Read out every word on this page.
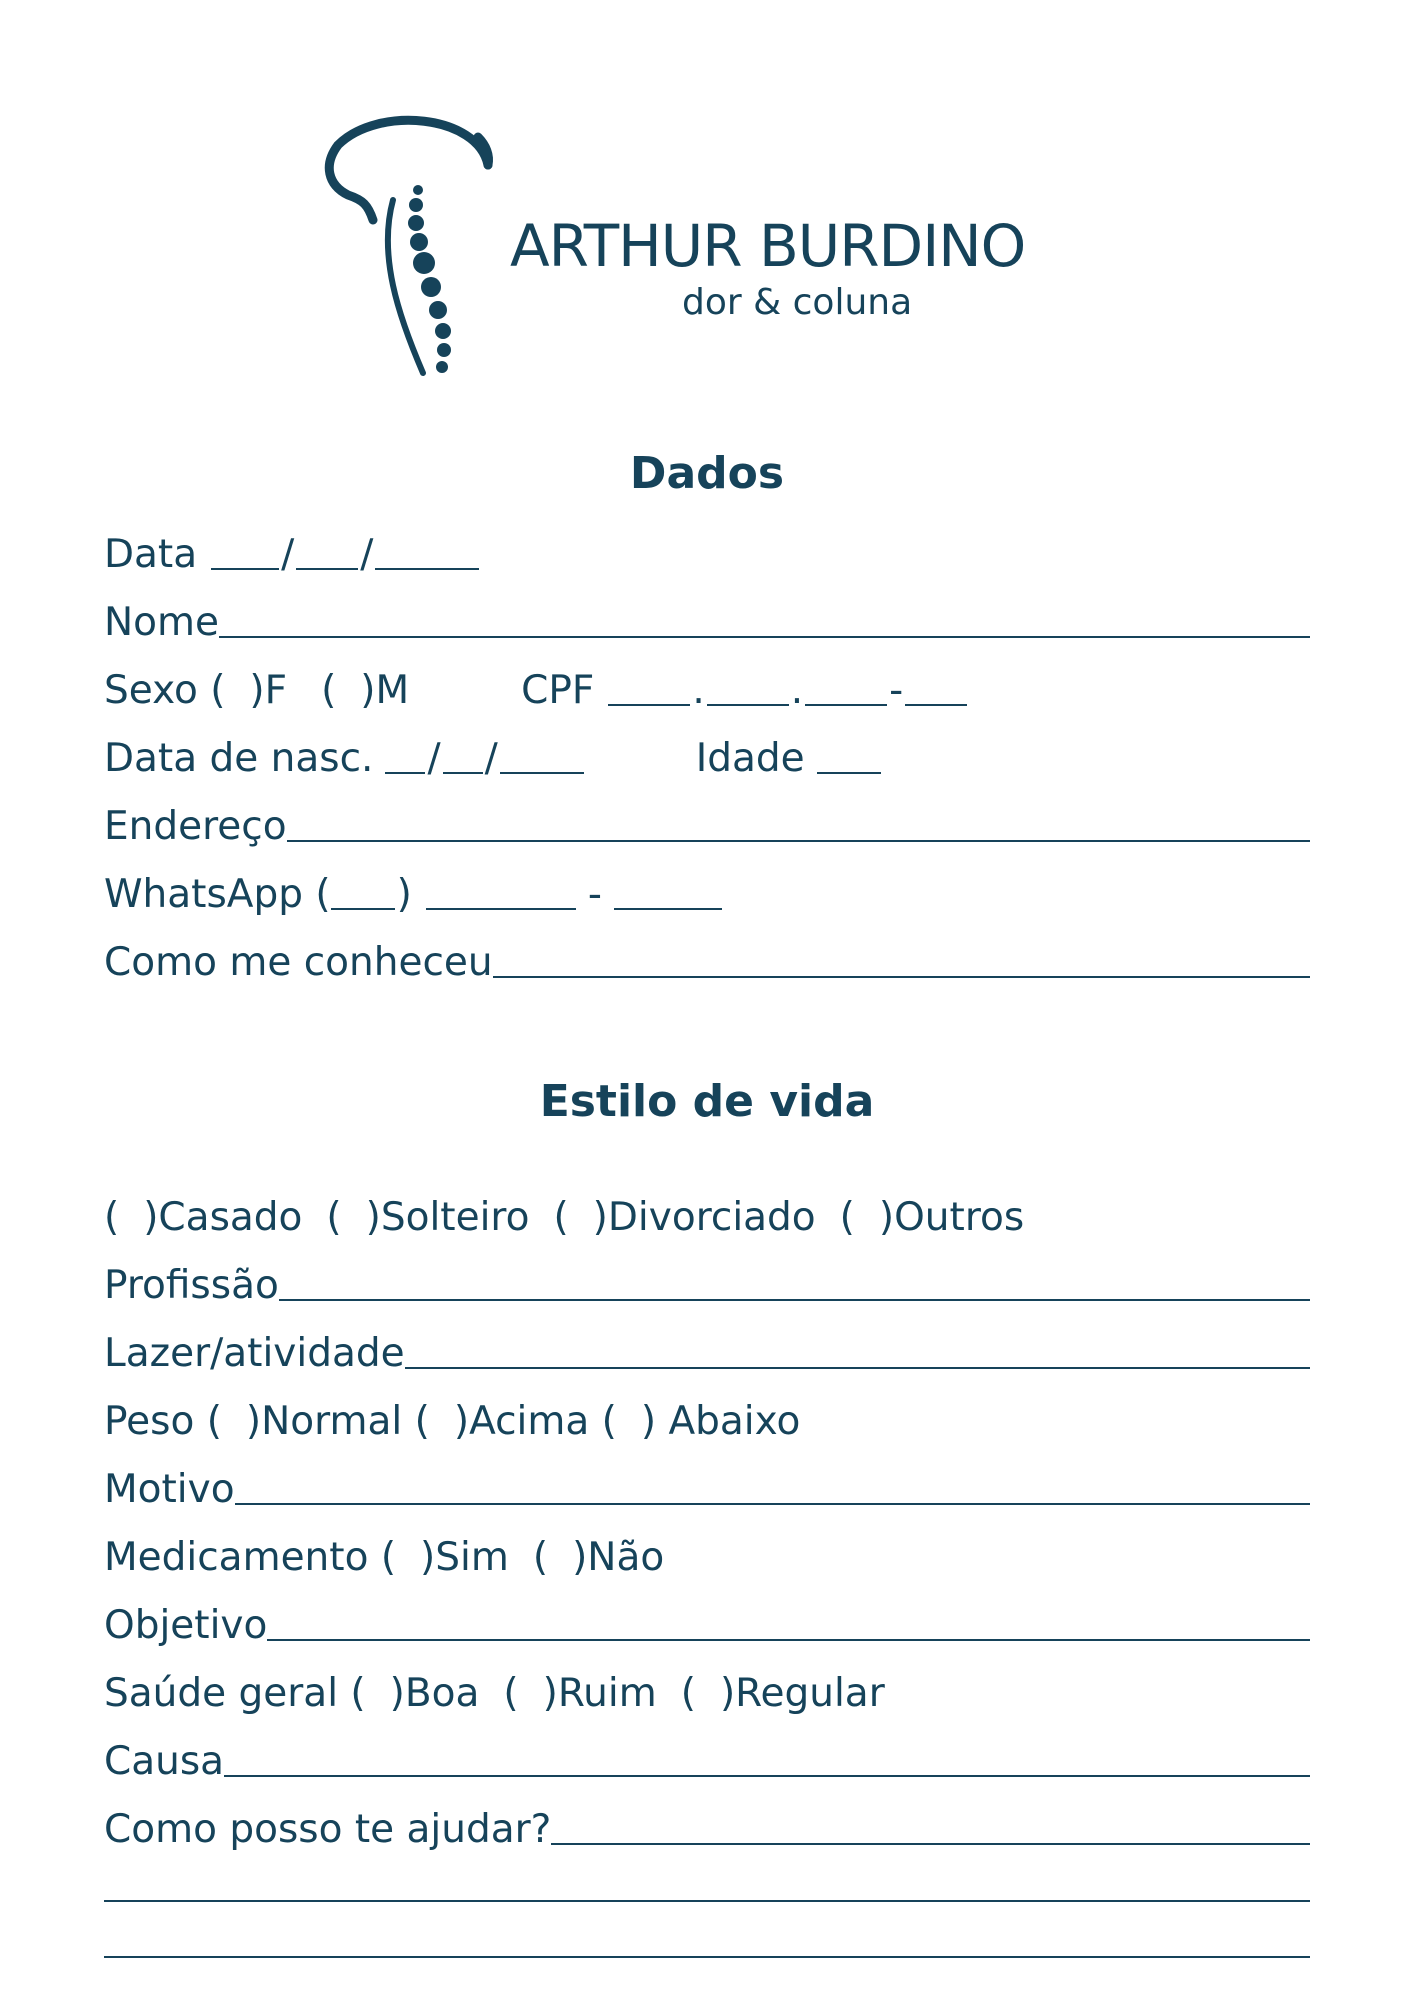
ARTHUR BURDINO
dor & coluna
Dados
Data / /
Nome
Sexo ( )F ( )M	CPF	. . -
Data de nasc. / /	Idade
Endereço
WhatsApp ( )	-
Como me conheceu
Estilo de vida
( )Casado ( )Solteiro ( )Divorciado ( )Outros
Profissão
Lazer/atividade
Peso ( )Normal ( )Acima ( ) Abaixo
Motivo
Medicamento ( )Sim ( )Não
Objetivo
Saúde geral ( )Boa ( )Ruim ( )Regular
Causa
Como posso te ajudar?
